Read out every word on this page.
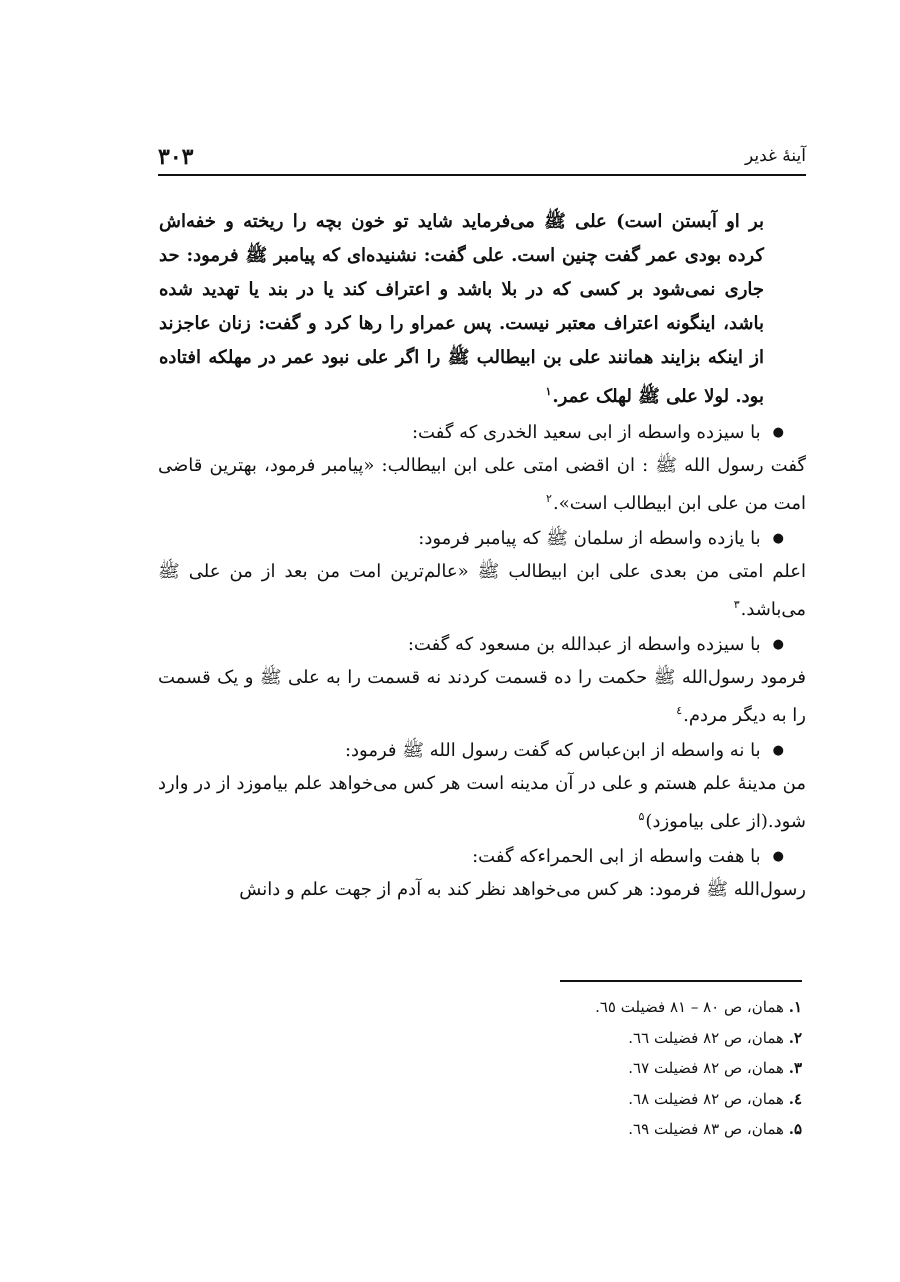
آینهٔ غدیر
۳۰۳

بر او آبستن است) علی ﷺ می‌فرماید شاید تو خون بچه را ریخته و خفه‌اش کرده بودی عمر گفت چنین است. علی گفت: نشنیده‌ای که پیامبر ﷺ فرمود: حد جاری نمی‌شود بر کسی که در بلا باشد و اعتراف کند یا در بند یا تهدید شده باشد، اینگونه اعتراف معتبر نیست. پس عمراو را رها کرد و گفت: زنان عاجزند از اینکه بزایند همانند علی بن ابیطالب ﷺ را اگر علی نبود عمر در مهلکه افتاده بود. لولا علی ﷺ لهلک عمر.$^۱$

●
با سیزده واسطه از ابی سعید الخدری که گفت:
گفت رسول الله ﷺ : ان اقضی امتی علی ابن ابیطالب: «پیامبر فرمود، بهترین قاضی امت من علی ابن ابیطالب است».$^۲$
●
با یازده واسطه از سلمان ﷺ که پیامبر فرمود:
اعلم امتی من بعدی علی ابن ابیطالب ﷺ «عالم‌ترین امت من بعد از من علی ﷺ می‌باشد.$^۳$
●
با سیزده واسطه از عبدالله بن مسعود که گفت:
فرمود رسول‌الله ﷺ حکمت را ده قسمت کردند نه قسمت را به علی ﷺ و یک قسمت را به دیگر مردم.$^٤$
●
با نه واسطه از ابن‌عباس که گفت رسول الله ﷺ فرمود:
من مدینهٔ علم هستم و علی در آن مدینه است هر کس می‌خواهد علم بیاموزد از در وارد شود.(از علی بیاموزد)$^۵$
●
با هفت واسطه از ابی الحمراءکه گفت:
رسول‌الله ﷺ فرمود: هر کس می‌خواهد نظر کند به آدم از جهت علم و دانش
۱. همان، ص ۸۰ – ۸۱ فضیلت ٦٥.
۲. همان، ص ۸۲ فضیلت ٦٦.
۳. همان، ص ۸۲ فضیلت ٦٧.
٤. همان، ص ۸۲ فضیلت ٦٨.
۵. همان، ص ۸۳ فضیلت ٦٩.
